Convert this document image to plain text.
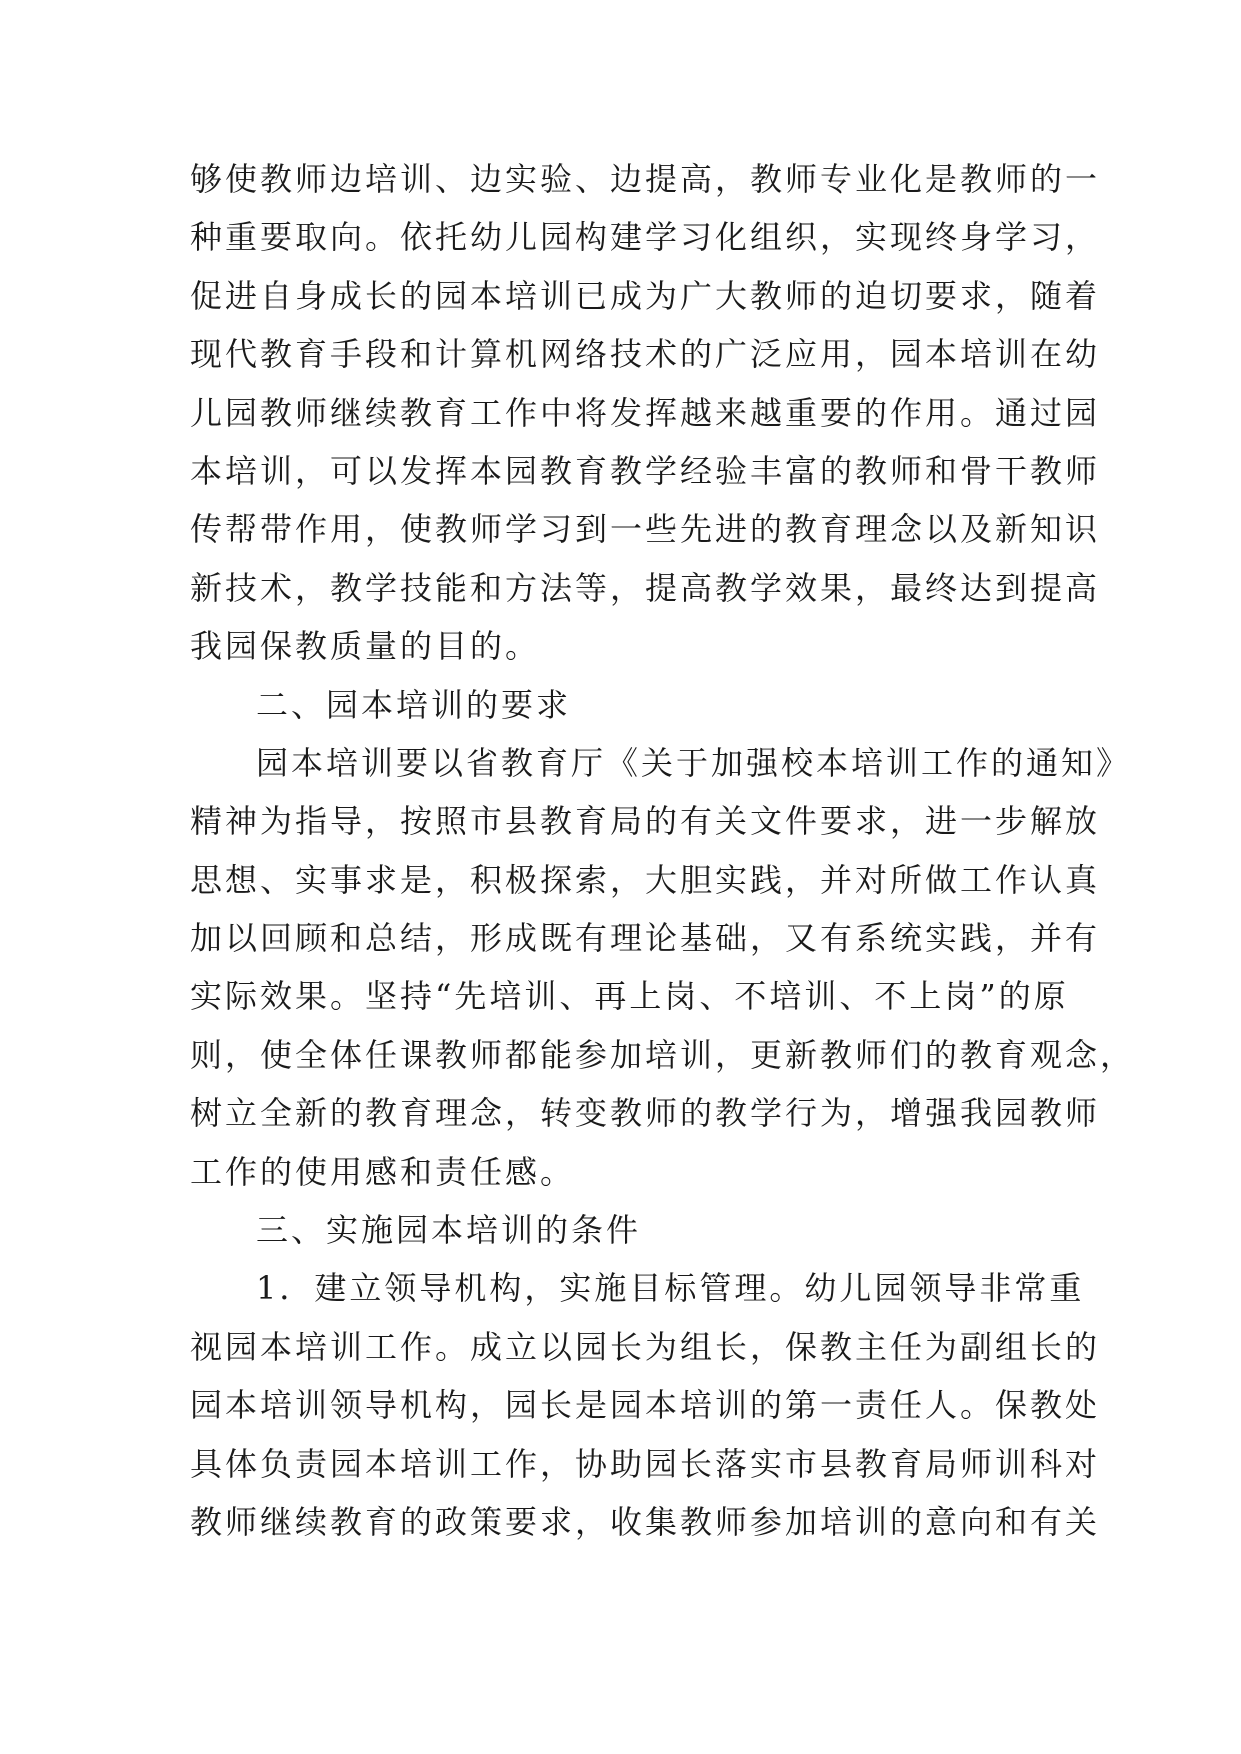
够使教师边培训、边实验、边提高，教师专业化是教师的一
种重要取向。依托幼儿园构建学习化组织，实现终身学习，
促进自身成长的园本培训已成为广大教师的迫切要求，随着
现代教育手段和计算机网络技术的广泛应用，园本培训在幼
儿园教师继续教育工作中将发挥越来越重要的作用。通过园
本培训，可以发挥本园教育教学经验丰富的教师和骨干教师
传帮带作用，使教师学习到一些先进的教育理念以及新知识
新技术，教学技能和方法等，提高教学效果，最终达到提高
我园保教质量的目的。
二、园本培训的要求
园本培训要以省教育厅《关于加强校本培训工作的通知》
精神为指导，按照市县教育局的有关文件要求，进一步解放
思想、实事求是，积极探索，大胆实践，并对所做工作认真
加以回顾和总结，形成既有理论基础，又有系统实践，并有
实际效果。坚持“先培训、再上岗、不培训、不上岗”的原
则，使全体任课教师都能参加培训，更新教师们的教育观念，
树立全新的教育理念，转变教师的教学行为，增强我园教师
工作的使用感和责任感。
三、实施园本培训的条件
1．建立领导机构，实施目标管理。幼儿园领导非常重
视园本培训工作。成立以园长为组长，保教主任为副组长的
园本培训领导机构，园长是园本培训的第一责任人。保教处
具体负责园本培训工作，协助园长落实市县教育局师训科对
教师继续教育的政策要求，收集教师参加培训的意向和有关
